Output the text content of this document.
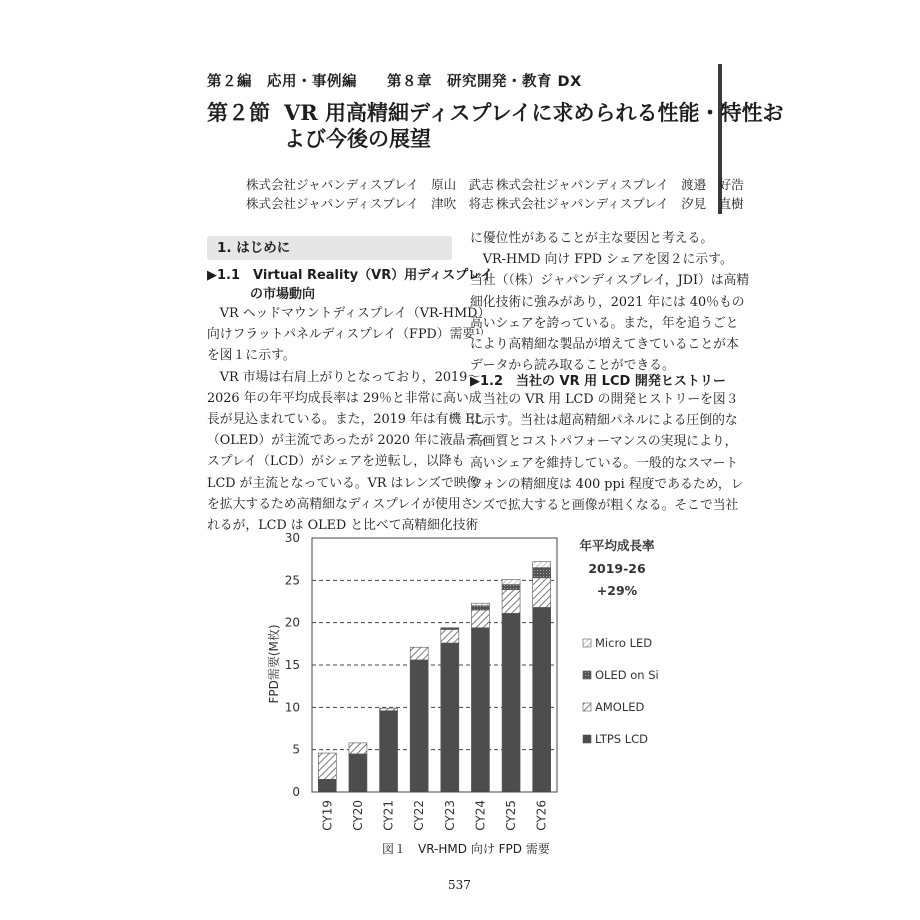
第２編　応用・事例編　　第８章　研究開発・教育 DX
第２節 VR 用高精細ディスプレイに求められる性能・特性お
よび今後の展望

株式会社ジャパンディスプレイ　 原山　武志 株式会社ジャパンディスプレイ　 渡邉　好浩

株式会社ジャパンディスプレイ　 津吹　将志 株式会社ジャパンディスプレイ　 汐見　直樹

1. はじめに
▶1.1　Virtual Reality（VR）用ディスプレイ
の市場動向

　VR ヘッドマウントディスプレイ（VR-HMD）

向けフラットパネルディスプレイ（FPD）需要¹⁾

を図１に示す。

　VR 市場は右肩上がりとなっており，2019〜

2026 年の年平均成長率は 29％と非常に高い成

長が見込まれている。また，2019 年は有機 EL

（OLED）が主流であったが 2020 年に液晶ディ

スプレイ（LCD）がシェアを逆転し，以降も

LCD が主流となっている。VR はレンズで映像

を拡大するため高精細なディスプレイが使用さ

れるが，LCD は OLED と比べて高精細化技術

に優位性があることが主な要因と考える。

　VR-HMD 向け FPD シェアを図２に示す。

当社（（株）ジャパンディスプレイ，JDI）は高精

細化技術に強みがあり，2021 年には 40％もの

高いシェアを誇っている。また，年を追うごと

により高精細な製品が増えてきていることが本

データから読み取ることができる。

▶1.2　当社の VR 用 LCD 開発ヒストリー

　当社の VR 用 LCD の開発ヒストリーを図３

に示す。当社は超高精細パネルによる圧倒的な

高画質とコストパフォーマンスの実現により，

高いシェアを維持している。一般的なスマート

フォンの精細度は 400 ppi 程度であるため，レ

ンズで拡大すると画像が粗くなる。そこで当社

0
5
10
15
20
25
30
CY19 CY20 CY21 CY22 CY23 CY24 CY25 CY26
FPD需要(M枚)
年平均成長率
2019-26
+29%
Micro LED
OLED on Si
AMOLED
LTPS LCD
図１　VR-HMD 向け FPD 需要
537
